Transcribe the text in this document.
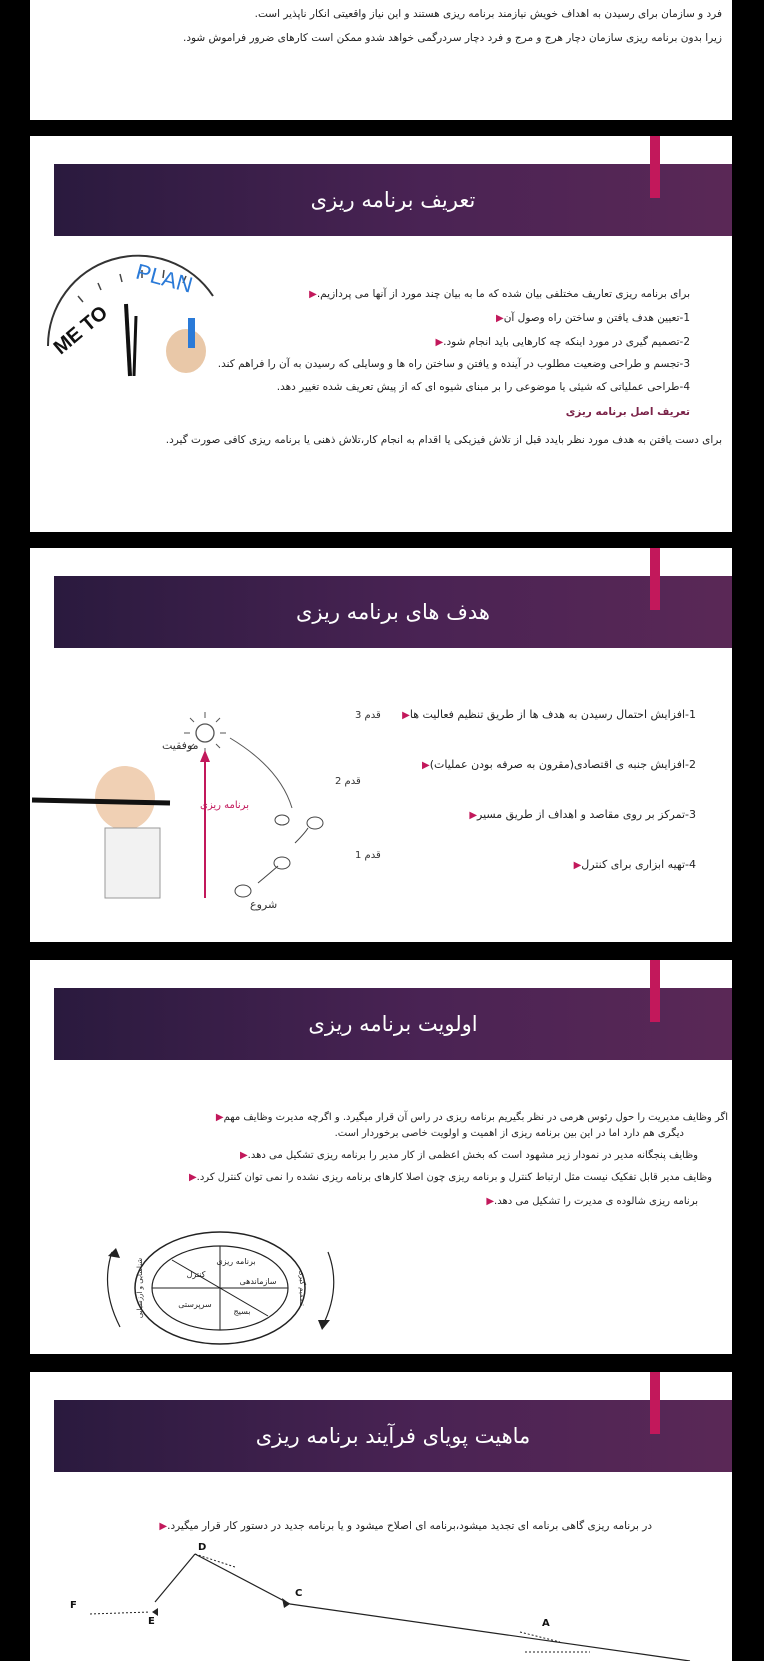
فرد و سازمان برای رسیدن به اهداف خویش نیازمند برنامه ریزی هستند و این نیاز واقعیتی انکار ناپذیر است.
زیرا بدون برنامه ریزی سازمان دچار هرج و مرج و فرد دچار سردرگمی خواهد شدو ممکن است کارهای ضرور فراموش شود.
تعریف برنامه ریزی
ME TO
PLAN	برای برنامه ریزی تعاریف مختلفی بیان شده که ما به بیان چند مورد از آنها می پردازیم.▶
1-تعیین هدف یافتن و ساختن راه وصول آن▶
2-تصمیم گیری در مورد اینکه چه کارهایی باید انجام شود.▶
3-تجسم و طراحی وضعیت مطلوب در آینده و یافتن و ساختن راه ها و وسایلی که رسیدن به آن را فراهم کند.
4-طراحی عملیاتی که شیئی یا موضوعی را بر مبنای شیوه ای که از پیش تعریف شده تغییر دهد.
تعریف اصل برنامه ریزی
برای دست یافتن به هدف مورد نظر بایدد قبل از تلاش فیزیکی یا اقدام به انجام کار،تلاش ذهنی یا برنامه ریزی کافی صورت گیرد.
هدف های برنامه ریزی
1-افزایش احتمال رسیدن به هدف ها از طریق تنظیم فعالیت ها▶
2-افزایش جنبه ی اقتصادی(مقرون به صرفه بودن عملیات)▶
3-تمرکز بر روی مقاصد و اهداف از طریق مسیر▶
4-تهیه ابزاری برای کنترل▶
موفقیت
برنامه ریزی
شروع
قدم 1
قدم 2
قدم 3
اولویت برنامه ریزی
اگر وظایف مدیریت را حول رئوس هرمی در نظر بگیریم برنامه ریزی در راس آن قرار میگیرد. و اگرچه مدیرت وظایف مهم▶
دیگری هم دارد اما در این بین برنامه ریزی از اهمیت و اولویت خاصی برخوردار است.
وظایف پنجگانه مدیر در نمودار زیر مشهود است که بخش اعظمی از کار مدیر را برنامه ریزی تشکیل می دهد.▶
وظایف مدیر قابل تفکیک نیست مثل ارتباط کنترل و برنامه ریزی چون اصلا کارهای برنامه ریزی نشده را نمی توان کنترل کرد.▶
برنامه ریزی شالوده ی مدیرت را تشکیل می دهد.▶
برنامه ریزی
سازماندهی
کنترل
بسیج
سرپرستی
شناسایی و ارزشیابی	تصمیم گیری
ماهیت پویای فرآیند برنامه ریزی
در برنامه ریزی گاهی برنامه ای تجدید میشود،برنامه ای اصلاح میشود و یا برنامه جدید در دستور کار قرار میگیرد.▶
F
E
D
C
A
